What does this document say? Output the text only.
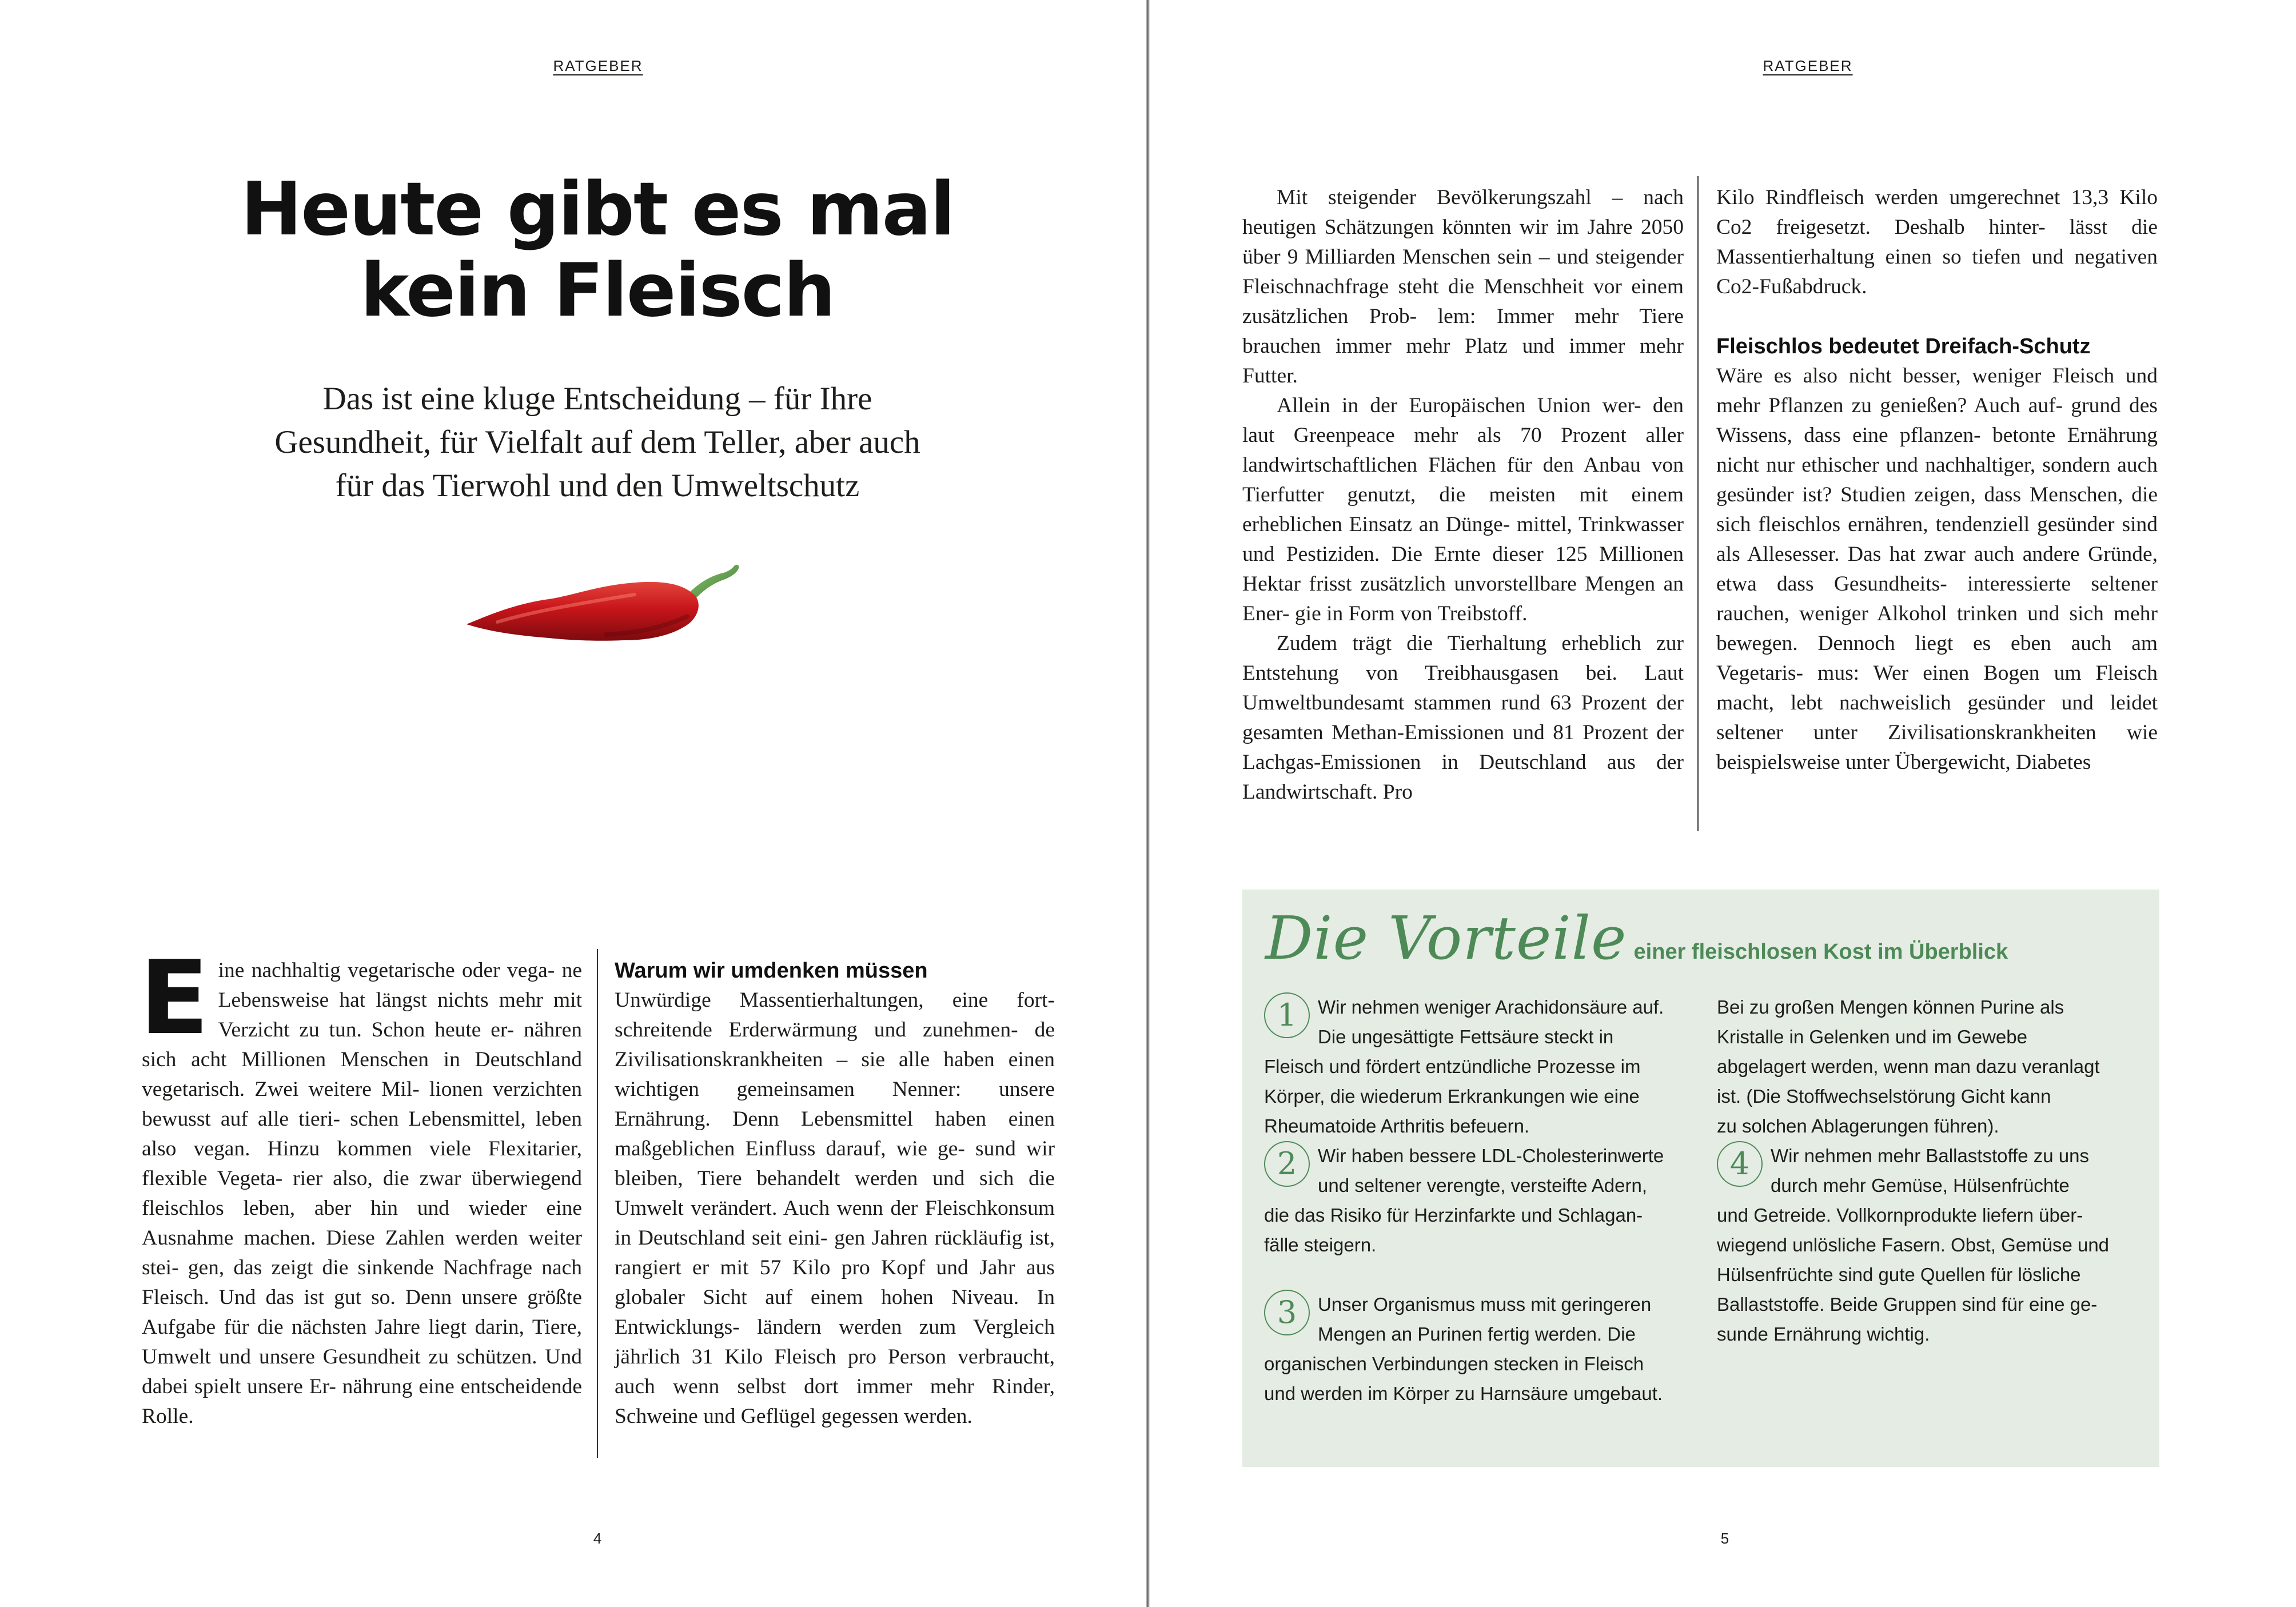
RATGEBER
Heute gibt es mal
kein Fleisch
Das ist eine kluge Entscheidung – für Ihre
Gesundheit, für Vielfalt auf dem Teller, aber auch
für das Tierwohl und den Umweltschutz
E ine nachhaltig vegetarische oder vega- ne Lebensweise hat längst nichts mehr mit Verzicht zu tun. Schon heute er- nähren sich acht Millionen Menschen in Deutschland vegetarisch. Zwei weitere Mil- lionen verzichten bewusst auf alle tieri- schen Lebensmittel, leben also vegan. Hinzu kommen viele Flexitarier, flexible Vegeta- rier also, die zwar überwiegend fleischlos leben, aber hin und wieder eine Ausnahme machen. Diese Zahlen werden weiter stei- gen, das zeigt die sinkende Nachfrage nach Fleisch. Und das ist gut so. Denn unsere größte Aufgabe für die nächsten Jahre liegt darin, Tiere, Umwelt und unsere Gesundheit zu schützen. Und dabei spielt unsere Er- nährung eine entscheidende Rolle.

Warum wir umdenken müssen

Unwürdige Massentierhaltungen, eine fort- schreitende Erderwärmung und zunehmen- de Zivilisationskrankheiten – sie alle haben einen wichtigen gemeinsamen Nenner: unsere Ernährung. Denn Lebensmittel haben einen maßgeblichen Einfluss darauf, wie ge- sund wir bleiben, Tiere behandelt werden und sich die Umwelt verändert. Auch wenn der Fleischkonsum in Deutschland seit eini- gen Jahren rückläufig ist, rangiert er mit 57 Kilo pro Kopf und Jahr aus globaler Sicht auf einem hohen Niveau. In Entwicklungs- ländern werden zum Vergleich jährlich 31 Kilo Fleisch pro Person verbraucht, auch wenn selbst dort immer mehr Rinder, Schweine und Geflügel gegessen werden.

4
RATGEBER

Mit steigender Bevölkerungszahl – nach heutigen Schätzungen könnten wir im Jahre 2050 über 9 Milliarden Menschen sein – und steigender Fleischnachfrage steht die Menschheit vor einem zusätzlichen Prob- lem: Immer mehr Tiere brauchen immer mehr Platz und immer mehr Futter.

Allein in der Europäischen Union wer- den laut Greenpeace mehr als 70 Prozent aller landwirtschaftlichen Flächen für den Anbau von Tierfutter genutzt, die meisten mit einem erheblichen Einsatz an Dünge- mittel, Trinkwasser und Pestiziden. Die Ernte dieser 125 Millionen Hektar frisst zusätzlich unvorstellbare Mengen an Ener- gie in Form von Treibstoff.

Zudem trägt die Tierhaltung erheblich zur Entstehung von Treibhausgasen bei. Laut Umweltbundesamt stammen rund 63 Prozent der gesamten Methan-Emissionen und 81 Prozent der Lachgas-Emissionen in Deutschland aus der Landwirtschaft. Pro

Kilo Rindfleisch werden umgerechnet 13,3 Kilo Co2 freigesetzt. Deshalb hinter- lässt die Massentierhaltung einen so tiefen und negativen Co2-Fußabdruck.

Fleischlos bedeutet Dreifach-Schutz

Wäre es also nicht besser, weniger Fleisch und mehr Pflanzen zu genießen? Auch auf- grund des Wissens, dass eine pflanzen- betonte Ernährung nicht nur ethischer und nachhaltiger, sondern auch gesünder ist? Studien zeigen, dass Menschen, die sich fleischlos ernähren, tendenziell gesünder sind als Allesesser. Das hat zwar auch andere Gründe, etwa dass Gesundheits- interessierte seltener rauchen, weniger Alkohol trinken und sich mehr bewegen. Dennoch liegt es eben auch am Vegetaris- mus: Wer einen Bogen um Fleisch macht, lebt nachweislich gesünder und leidet seltener unter Zivilisationskrankheiten wie beispielsweise unter Übergewicht, Diabetes

Die Vorteile einer fleischlosen Kost im Überblick
1	Wir nehmen weniger Arachidonsäure auf.
Die ungesättigte Fettsäure steckt in
Fleisch und fördert entzündliche Prozesse im
Körper, die wiederum Erkrankungen wie eine
Rheumatoide Arthritis befeuern.

2	Wir haben bessere LDL-Cholesterinwerte
und seltener verengte, versteifte Adern,
die das Risiko für Herzinfarkte und Schlagan-
fälle steigern.

3	Unser Organismus muss mit geringeren
Mengen an Purinen fertig werden. Die
organischen Verbindungen stecken in Fleisch
und werden im Körper zu Harnsäure umgebaut.

Bei zu großen Mengen können Purine als
Kristalle in Gelenken und im Gewebe
abgelagert werden, wenn man dazu veranlagt
ist. (Die Stoffwechselstörung Gicht kann
zu solchen Ablagerungen führen).

4	Wir nehmen mehr Ballaststoffe zu uns
durch mehr Gemüse, Hülsenfrüchte
und Getreide. Vollkornprodukte liefern über-
wiegend unlösliche Fasern. Obst, Gemüse und
Hülsenfrüchte sind gute Quellen für lösliche
Ballaststoffe. Beide Gruppen sind für eine ge-
sunde Ernährung wichtig.

5
